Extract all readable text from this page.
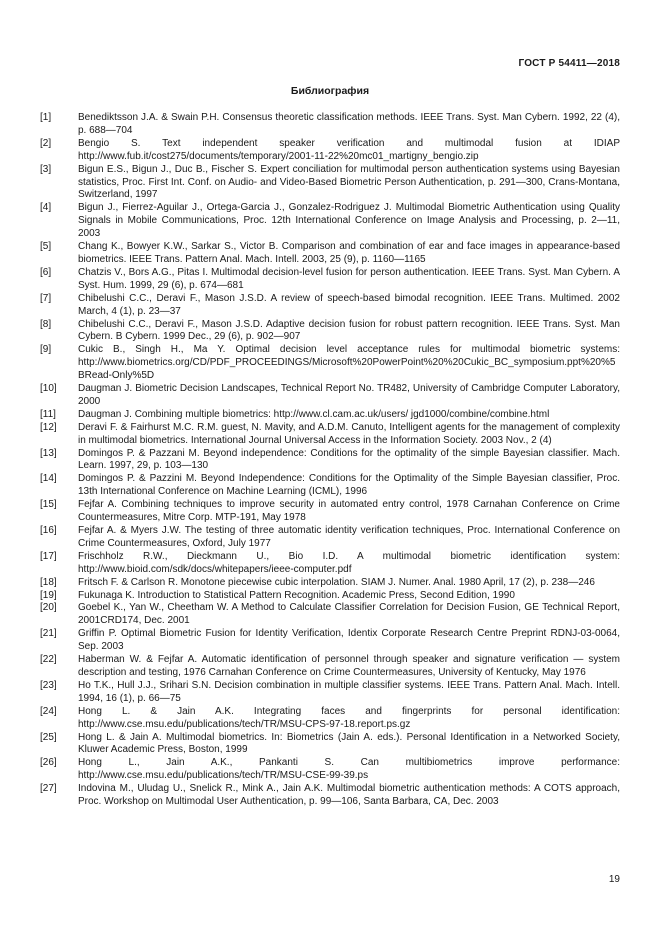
ГОСТ Р 54411—2018
Библиография
[1]	Benediktsson J.A. & Swain P.H. Consensus theoretic classification methods. IEEE Trans. Syst. Man Cybern. 1992, 22 (4), p. 688—704
[2]	Bengio S. Text independent speaker verification and multimodal fusion at IDIAP http://www.fub.it/cost275/documents/temporary/2001-11-22%20mc01_martigny_bengio.zip
[3]	Bigun E.S., Bigun J., Duc B., Fischer S. Expert conciliation for multimodal person authentication systems using Bayesian statistics, Proc. First Int. Conf. on Audio- and Video-Based Biometric Person Authentication, p. 291—300, Crans-Montana, Switzerland, 1997
[4]	Bigun J., Fierrez-Aguilar J., Ortega-Garcia J., Gonzalez-Rodriguez J. Multimodal Biometric Authentication using Quality Signals in Mobile Communications, Proc. 12th International Conference on Image Analysis and Processing, p. 2—11, 2003
[5]	Chang K., Bowyer K.W., Sarkar S., Victor B. Comparison and combination of ear and face images in appearance-based biometrics. IEEE Trans. Pattern Anal. Mach. Intell. 2003, 25 (9), p. 1160—1165
[6]	Chatzis V., Bors A.G., Pitas I. Multimodal decision-level fusion for person authentication. IEEE Trans. Syst. Man Cybern. A Syst. Hum. 1999, 29 (6), p. 674—681
[7]	Chibelushi C.C., Deravi F., Mason J.S.D. A review of speech-based bimodal recognition. IEEE Trans. Multimed. 2002 March, 4 (1), p. 23—37
[8]	Chibelushi C.C., Deravi F., Mason J.S.D. Adaptive decision fusion for robust pattern recognition. IEEE Trans. Syst. Man Cybern. B Cybern. 1999 Dec., 29 (6), p. 902—907
[9]	Cukic B., Singh H., Ma Y. Optimal decision level acceptance rules for multimodal biometric systems: http://www.biometrics.org/CD/PDF_PROCEEDINGS/Microsoft%20PowerPoint%20%20Cukic_BC_symposium.ppt%20%5BRead-Only%5D
[10]	Daugman J. Biometric Decision Landscapes, Technical Report No. TR482, University of Cambridge Computer Laboratory, 2000
[11]	Daugman J. Combining multiple biometrics: http://www.cl.cam.ac.uk/users/ jgd1000/combine/combine.html
[12]	Deravi F. & Fairhurst M.C. R.M. guest, N. Mavity, and A.D.M. Canuto, Intelligent agents for the management of complexity in multimodal biometrics. International Journal Universal Access in the Information Society. 2003 Nov., 2 (4)
[13]	Domingos P. & Pazzani M. Beyond independence: Conditions for the optimality of the simple Bayesian classifier. Mach. Learn. 1997, 29, p. 103—130
[14]	Domingos P. & Pazzini M. Beyond Independence: Conditions for the Optimality of the Simple Bayesian classifier, Proc. 13th International Conference on Machine Learning (ICML), 1996
[15]	Fejfar A. Combining techniques to improve security in automated entry control, 1978 Carnahan Conference on Crime Countermeasures, Mitre Corp. MTP-191, May 1978
[16]	Fejfar A. & Myers J.W. The testing of three automatic identity verification techniques, Proc. International Conference on Crime Countermeasures, Oxford, July 1977
[17]	Frischholz R.W., Dieckmann U., Bio I.D. A multimodal biometric identification system: http://www.bioid.com/sdk/docs/whitepapers/ieee-computer.pdf
[18]	Fritsch F. & Carlson R. Monotone piecewise cubic interpolation. SIAM J. Numer. Anal. 1980 April, 17 (2), p. 238—246
[19]	Fukunaga K. Introduction to Statistical Pattern Recognition. Academic Press, Second Edition, 1990
[20]	Goebel K., Yan W., Cheetham W. A Method to Calculate Classifier Correlation for Decision Fusion, GE Technical Report, 2001CRD174, Dec. 2001
[21]	Griffin P. Optimal Biometric Fusion for Identity Verification, Identix Corporate Research Centre Preprint RDNJ-03-0064, Sep. 2003
[22]	Haberman W. & Fejfar A. Automatic identification of personnel through speaker and signature verification — system description and testing, 1976 Carnahan Conference on Crime Countermeasures, University of Kentucky, May 1976
[23]	Ho T.K., Hull J.J., Srihari S.N. Decision combination in multiple classifier systems. IEEE Trans. Pattern Anal. Mach. Intell. 1994, 16 (1), p. 66—75
[24]	Hong L. & Jain A.K. Integrating faces and fingerprints for personal identification: http://www.cse.msu.edu/publications/tech/TR/MSU-CPS-97-18.report.ps.gz
[25]	Hong L. & Jain A. Multimodal biometrics. In: Biometrics (Jain A. eds.). Personal Identification in a Networked Society, Kluwer Academic Press, Boston, 1999
[26]	Hong L., Jain A.K., Pankanti S. Can multibiometrics improve performance: http://www.cse.msu.edu/publications/tech/TR/MSU-CSE-99-39.ps
[27]	Indovina M., Uludag U., Snelick R., Mink A., Jain A.K. Multimodal biometric authentication methods: A COTS approach, Proc. Workshop on Multimodal User Authentication, p. 99—106, Santa Barbara, CA, Dec. 2003
19
